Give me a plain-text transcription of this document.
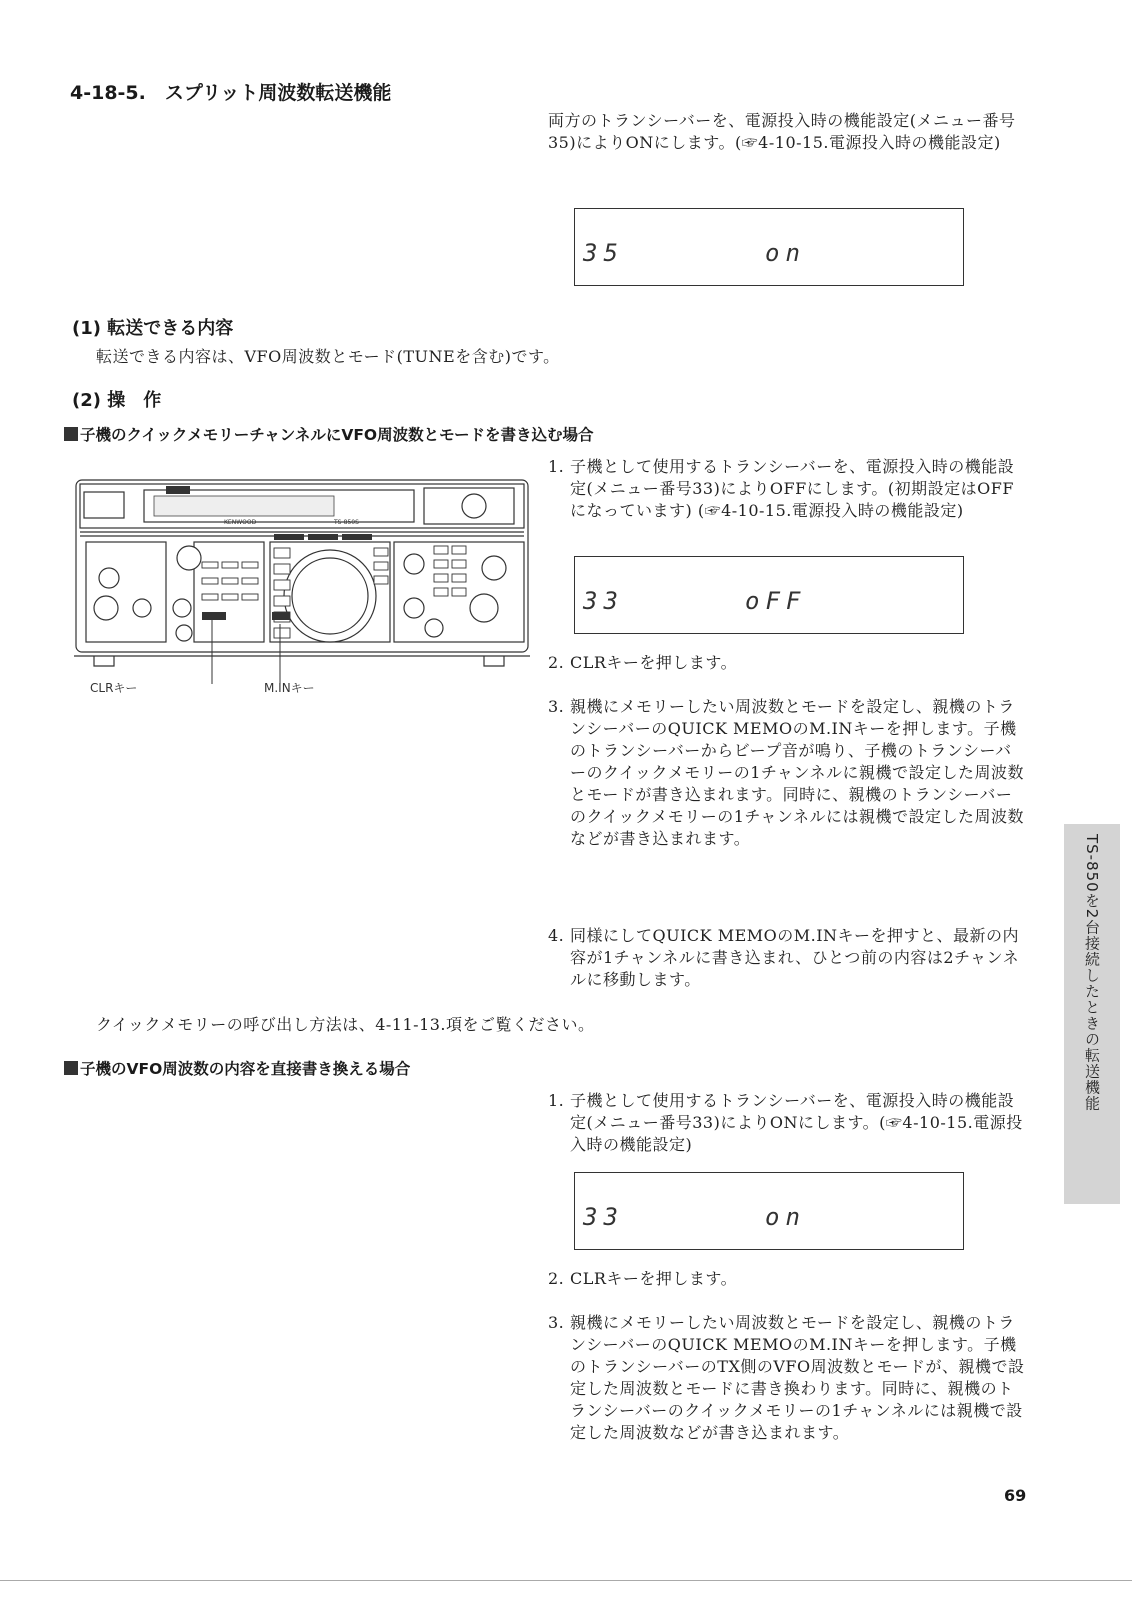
4-18-5.　スプリット周波数転送機能
両方のトランシーバーを、電源投入時の機能設定(メニュー番号35)によりONにします。(☞4-10-15.電源投入時の機能設定)
35	on
(1) 転送できる内容
転送できる内容は、VFO周波数とモード(TUNEを含む)です。
(2) 操　作
子機のクイックメモリーチャンネルにVFO周波数とモードを書き込む場合
CLRキー	M.INキー
KENWOOD	TS-850S
1. 子機として使用するトランシーバーを、電源投入時の機能設定(メニュー番号33)によりOFFにします。(初期設定はOFFになっています) (☞4-10-15.電源投入時の機能設定)
33	oFF
2. CLRキーを押します。
3. 親機にメモリーしたい周波数とモードを設定し、親機のトランシーバーのQUICK MEMOのM.INキーを押します。子機のトランシーバーからビープ音が鳴り、子機のトランシーバーのクイックメモリーの1チャンネルに親機で設定した周波数とモードが書き込まれます。同時に、親機のトランシーバーのクイックメモリーの1チャンネルには親機で設定した周波数などが書き込まれます。
4. 同様にしてQUICK MEMOのM.INキーを押すと、最新の内容が1チャンネルに書き込まれ、ひとつ前の内容は2チャンネルに移動します。
クイックメモリーの呼び出し方法は、4-11-13.項をご覧ください。
子機のVFO周波数の内容を直接書き換える場合
1. 子機として使用するトランシーバーを、電源投入時の機能設定(メニュー番号33)によりONにします。(☞4-10-15.電源投入時の機能設定)
33	on
2. CLRキーを押します。
3. 親機にメモリーしたい周波数とモードを設定し、親機のトランシーバーのQUICK MEMOのM.INキーを押します。子機のトランシーバーのTX側のVFO周波数とモードが、親機で設定した周波数とモードに書き換わります。同時に、親機のトランシーバーのクイックメモリーの1チャンネルには親機で設定した周波数などが書き込まれます。
TS-850を2台接続したときの転送機能
69
